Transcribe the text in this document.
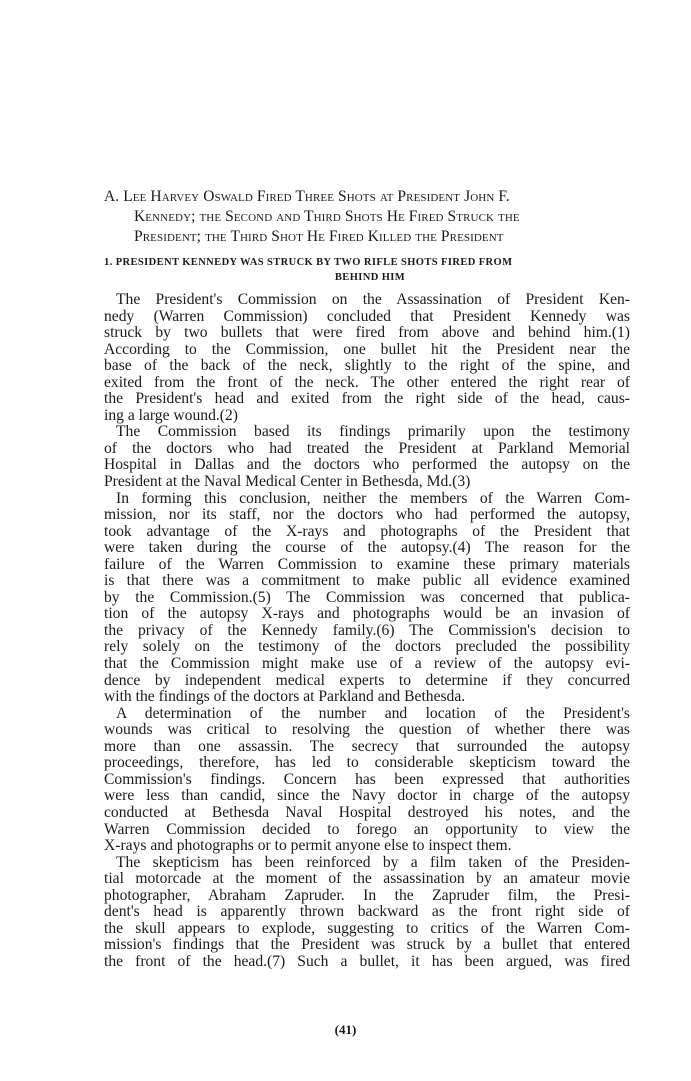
A. Lee Harvey Oswald Fired Three Shots at President John F.
Kennedy; the Second and Third Shots He Fired Struck the
President; the Third Shot He Fired Killed the President
1. PRESIDENT KENNEDY WAS STRUCK BY TWO RIFLE SHOTS FIRED FROM
BEHIND HIM
The President's Commission on the Assassination of President Ken-
nedy (Warren Commission) concluded that President Kennedy was
struck by two bullets that were fired from above and behind him.(1)
According to the Commission, one bullet hit the President near the
base of the back of the neck, slightly to the right of the spine, and
exited from the front of the neck. The other entered the right rear of
the President's head and exited from the right side of the head, caus-
ing a large wound.(2)
The Commission based its findings primarily upon the testimony
of the doctors who had treated the President at Parkland Memorial
Hospital in Dallas and the doctors who performed the autopsy on the
President at the Naval Medical Center in Bethesda, Md.(3)
In forming this conclusion, neither the members of the Warren Com-
mission, nor its staff, nor the doctors who had performed the autopsy,
took advantage of the X-rays and photographs of the President that
were taken during the course of the autopsy.(4) The reason for the
failure of the Warren Commission to examine these primary materials
is that there was a commitment to make public all evidence examined
by the Commission.(5) The Commission was concerned that publica-
tion of the autopsy X-rays and photographs would be an invasion of
the privacy of the Kennedy family.(6) The Commission's decision to
rely solely on the testimony of the doctors precluded the possibility
that the Commission might make use of a review of the autopsy evi-
dence by independent medical experts to determine if they concurred
with the findings of the doctors at Parkland and Bethesda.
A determination of the number and location of the President's
wounds was critical to resolving the question of whether there was
more than one assassin. The secrecy that surrounded the autopsy
proceedings, therefore, has led to considerable skepticism toward the
Commission's findings. Concern has been expressed that authorities
were less than candid, since the Navy doctor in charge of the autopsy
conducted at Bethesda Naval Hospital destroyed his notes, and the
Warren Commission decided to forego an opportunity to view the
X-rays and photographs or to permit anyone else to inspect them.
The skepticism has been reinforced by a film taken of the Presiden-
tial motorcade at the moment of the assassination by an amateur movie
photographer, Abraham Zapruder. In the Zapruder film, the Presi-
dent's head is apparently thrown backward as the front right side of
the skull appears to explode, suggesting to critics of the Warren Com-
mission's findings that the President was struck by a bullet that entered
the front of the head.(7) Such a bullet, it has been argued, was fired
(41)
